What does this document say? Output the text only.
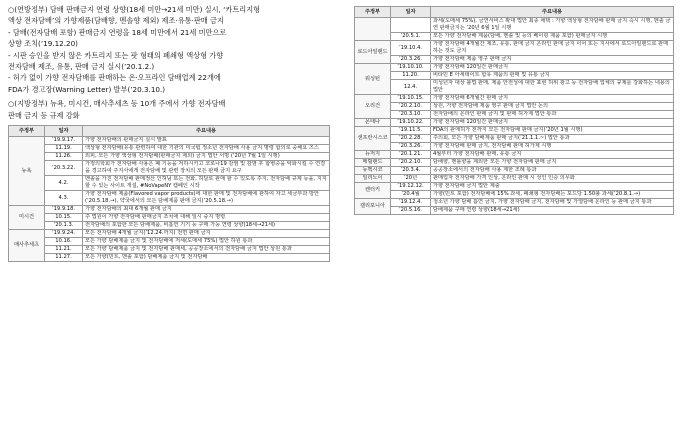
○(연방정부) 담배 판매금지 연령 상향(18세 미만→21세 미만) 실시, ‘카트리지형

액상 전자담배’의 가향제품(담배향, 멘솔향 제외) 제조·유통·판매 금지

- 담배(전자담배 포함) 판매금지 연령을 18세 미만에서 21세 미만으로

상향 조치(’19.12.20)

- 시판 승인을 받지 않은 카트리지 또는 팟 형태의 폐쇄형 액상형 가향

전자담배 제조, 유통, 판매 금지 실시(’20.1.2.)

- 허가 없이 가향 전자담배를 판매하는 온·오프라인 담배업계 22개에

FDA가 경고장(Warning Letter) 발부(’20.3.10.)

○(지방정부) 뉴욕, 미시건, 매사추세츠 등 10개 주에서 가향 전자담배

판매 금지 등 규제 강화

주정부	일자	주요내용
뉴욕	’19.9.17.	가향 전자담배의 판매금지 실시 발표
	11.19.	액상형 전자담배(유통 관련하여 대한 기관의 미국립 정소년 전자담배 사용 금지 명령 합의로 중해요 즈스
	11.26.	외피, 모든 가향 액상형 전자담배(판매금지 제외) 금지 법안 서명 (’20년 7월 1일 시행)
	’20.3.22.	가정의학회가 전자담배 사용은 폐 기능을 저하시키고 코로나19 감염 및 감염 후 합병증을 악화시킬 수 연결을 경고하여 주지사에게 전자담배 및 관련 장치의 모든 판매 금지 요구
	4.2.	멘솔을 가진 전자담배 판매정산 인허님 또는 전화, 허달로 판매 할 수 있도록 주지, 전자담배 규제 등을, 지지할 수 있는 사이트 개설, #NoVapeNY 캠페인 시작
	4.3.	가향 전자담배 제품(Flavored vapor products)에 대한 판매 및 전자담배에 관하여 자고 세금부과 방안(’20.5.18.→), 약국에서의 모든 담배제품 판매 금지(’20.5.18.→)
미시건	’19.9.18.	가향 전자담배의 최대 6개월 판매 금지
	10.15.	주 법원이 가향 전자담배 판매금지 조치에 대해 일시 중지 명령
	’20.1.3.	전자담배의 포함한 모든 담배제품, 비흡연 기기 등 구매 가능 연령 상향(18세→21세)
매사추세츠	’19.9.24.	모든 전자담배 4개월 금지(’12.24.까지) 전면 판매 금지
	10.16.	모든 가향 담배제품 금지 및 전자담배에 저세(도매세 75%) 법안 하원 통과
	11.21.	모든 가향 담배제품 금지 및 전자담배 판매세, 공공장소에서의 전자담배 금지 법안 상원 통과
	11.27.	모든 가향(민트, 멘솔 포함) 담배제품 금지 및 전자담배
주정부	일자	주요내용
		과세(도매세 75%), 금연서비스 확대 법안 최종 채택 : 가향 액상형 전자담배 판매 금지 즉시 시행, 멘솔 금연 판매금지는 ’20년 6월 1일 시행
	’20.5.1.	모든 가향 전자담배 제품(담배, 멘솔 및 등의 베이핑 제품 포함) 판매금지 시행
로드아일랜드	’19.10.4.	가향 전자담배 4개월간 제조, 유통, 판매 금지 온라인 판매 금지 이어 또는 지사에서 로드아일랜드로 판매하는 것도 금지
	’20.3.26.	가향 전자담배 제품 영구 판매 금지
워싱턴	’19.10.10.	가향 전자담배 120일간 판매금지
	11.20.	비타민 E 아세테이트 함유 제품의 판매 및 유통 금지
	12.4.	미성년자 대상 불법 판매, 제품 안전성에 대한 표현 허위 광고 등 전자담배 업체의 규제를 강화하는 내용의 법안
오리건	’19.10.15.	가향 전자담배 6개월간 판매 금지
	’20.2.10.	상원, 가향 전자담배 제품 영구 판매 금지 법안 논의
	’20.3.10.	전자담배의 온라인 판매 금지 및 판매 허가제 법안 통과
몬태나	’19.10.22.	가향 전자담배 120일간 판매금지
샌프란시스코	’19.11.5.	FDA의 판매허가 전까지 모든 전자담배 판매 금지(’20년 1월 시행)
	’20.2.28.	주의회, 모든 가향 담배제품 판매 금지(’21.1.1.~) 법안 통과
	’20.3.26.	가향 전자담배 판매 금지, 전자담배 판매 허가제 시행
뉴저지	’20.1.21.	4월부터 가향 전자담배 판매, 유통 금지
메릴랜드	’20.2.10.	담배향, 멘톨향을 제외한 모든 가향 전자담배 판매 금지
뉴멕시코	’20.3.4.	공공장소에서의 전자담배 사용 제한 조례 통과
일리노이	’20년	판매업자 전자담배 가격 인상, 온라인 판매 시 성인 인증 의무화
켄터키	’19.12.12.	가향 전자담배 금지 법안 제출
	’20.4월	가향(민트 포함) 전자담배에 15% 과세, 폐쇄형 전자담배는 포드당 1.50불 과세(’20.8.1.→)
캘리포니아	’19.12.4.	청소년 가향 담배 흡연 금지, 가향 전자담배 금지, 전자담배 및 가열담배 온라인 등 판매 금지 통과
	’20.5.16.	담배제품 구매 연령 상향(18세→21세)
